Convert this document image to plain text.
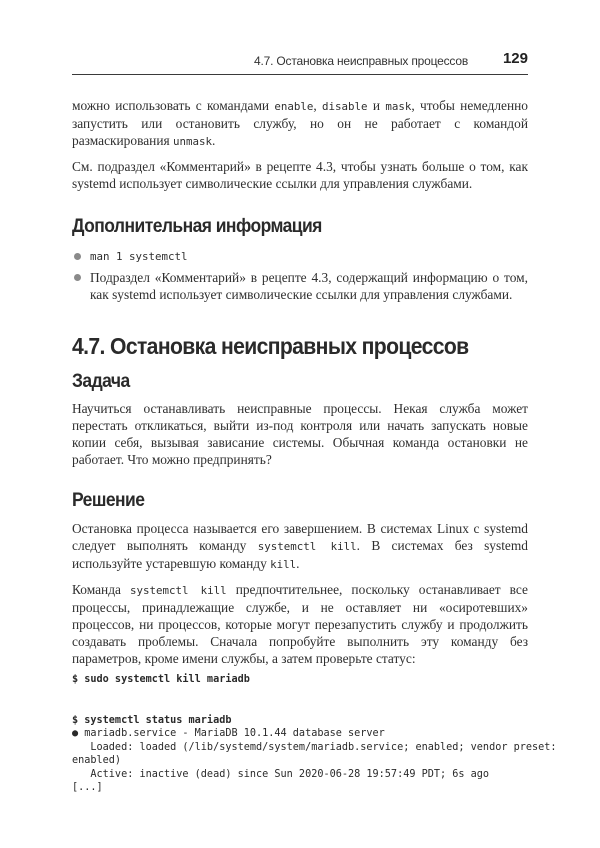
4.7. Остановка неисправных процессов 129

можно использовать с командами enable, disable и mask, чтобы немедленно запустить или остановить службу, но он не работает с командой размаскирования unmask.

См. подраздел «Комментарий» в рецепте 4.3, чтобы узнать больше о том, как systemd использует символические ссылки для управления службами.

Дополнительная информация
man 1 systemctl
Подраздел «Комментарий» в рецепте 4.3, содержащий информацию о том, как systemd использует символические ссылки для управления службами.
4.7. Остановка неисправных процессов
Задача

Научиться останавливать неисправные процессы. Некая служба может перестать откликаться, выйти из-под контроля или начать запускать новые копии себя, вызывая зависание системы. Обычная команда остановки не работает. Что можно предпринять?

Решение

Остановка процесса называется его завершением. В системах Linux с systemd следует выполнять команду systemctl kill. В системах без systemd используйте устаревшую команду kill.

Команда systemctl kill предпочтительнее, поскольку останавливает все процессы, принадлежащие службе, и не оставляет ни «осиротевших» процессов, ни процессов, которые могут перезапустить службу и продолжить создавать проблемы. Сначала попробуйте выполнить эту команду без параметров, кроме имени службы, а затем проверьте статус:

$ sudo systemctl kill mariadb

$ systemctl status mariadb
● mariadb.service - MariaDB 10.1.44 database server
Loaded: loaded (/lib/systemd/system/mariadb.service; enabled; vendor preset:
enabled)
Active: inactive (dead) since Sun 2020-06-28 19:57:49 PDT; 6s ago
[...]
